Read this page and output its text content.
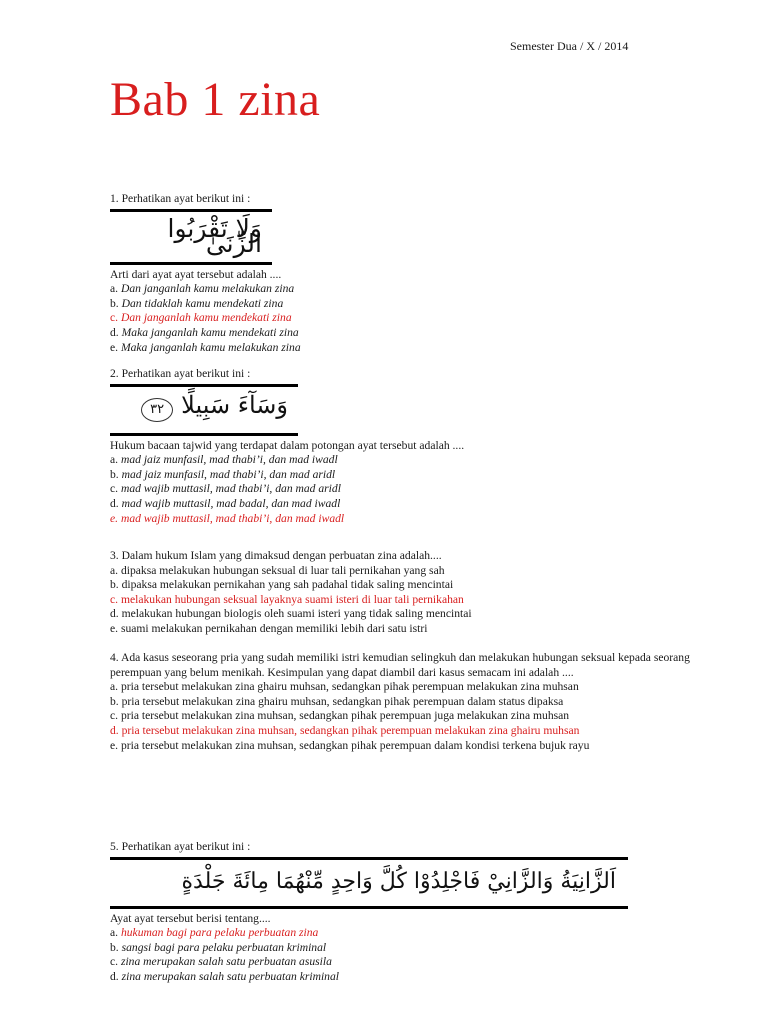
Semester Dua / X / 2014
Bab 1 zina
1. Perhatikan ayat berikut ini :
وَلَا تَقْرَبُوا الزِّنَىٰ
Arti dari ayat ayat tersebut adalah ....
a. Dan janganlah kamu melakukan zina
b. Dan tidaklah kamu mendekati zina
c. Dan janganlah kamu mendekati zina
d. Maka janganlah kamu mendekati zina
e. Maka janganlah kamu melakukan zina
2. Perhatikan ayat berikut ini :
وَسَآءَ سَبِيلًا٣٢
Hukum bacaan tajwid yang terdapat dalam potongan ayat tersebut adalah ....
a. mad jaiz munfasil, mad thabi’i, dan mad iwadl
b. mad jaiz munfasil, mad thabi’i, dan mad aridl
c. mad wajib muttasil, mad thabi’i, dan mad aridl
d. mad wajib muttasil, mad badal, dan mad iwadl
e. mad wajib muttasil, mad thabi’i, dan mad iwadl
3. Dalam hukum Islam yang dimaksud dengan perbuatan zina adalah....
a. dipaksa melakukan hubungan seksual di luar tali pernikahan yang sah
b. dipaksa melakukan pernikahan yang sah padahal tidak saling mencintai
c. melakukan hubungan seksual layaknya suami isteri di luar tali pernikahan
d. melakukan hubungan biologis oleh suami isteri yang tidak saling mencintai
e. suami melakukan pernikahan dengan memiliki lebih dari satu istri
4. Ada kasus seseorang pria yang sudah memiliki istri kemudian selingkuh dan melakukan hubungan seksual kepada seorang perempuan yang belum menikah. Kesimpulan yang dapat diambil dari kasus semacam ini adalah ....
a. pria tersebut melakukan zina ghairu muhsan, sedangkan pihak perempuan melakukan zina muhsan
b. pria tersebut melakukan zina ghairu muhsan, sedangkan pihak perempuan dalam status dipaksa
c. pria tersebut melakukan zina muhsan, sedangkan pihak perempuan juga melakukan zina muhsan
d. pria tersebut melakukan zina muhsan, sedangkan pihak perempuan melakukan zina ghairu muhsan
e. pria tersebut melakukan zina muhsan, sedangkan pihak perempuan dalam kondisi terkena bujuk rayu
5. Perhatikan ayat berikut ini :
اَلزَّانِيَةُ وَالزَّانِيْ فَاجْلِدُوْا كُلَّ وَاحِدٍ مِّنْهُمَا مِائَةَ جَلْدَةٍ
Ayat ayat tersebut berisi tentang....
a. hukuman bagi para pelaku perbuatan zina
b. sangsi bagi para pelaku perbuatan kriminal
c. zina merupakan salah satu perbuatan asusila
d. zina merupakan salah satu perbuatan kriminal
